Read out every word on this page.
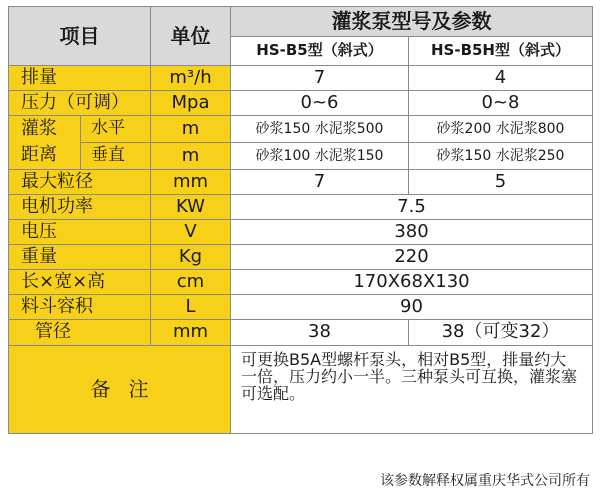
项目		单位	灌浆泵型号及参数	
			HS-B5型（斜式）	HS-B5H型（斜式）
排量		m³/h	7	4
压力（可调）		Mpa	0~6	0~8
灌浆	水平	m	砂浆150 水泥浆500	砂浆200 水泥浆800
距离	垂直	m	砂浆100 水泥浆150	砂浆150 水泥浆250
最大粒径		mm	7	5
电机功率		KW	7.5	
电压		V	380	
重量		Kg	220	
长×宽×高		cm	170X68X130	
料斗容积		L	90	
管径		mm	38	38（可变32）
备注			可更换B5A型螺杆泵头，相对B5型，排量约大一倍，压力约小一半。三种泵头可互换，灌浆塞可选配。	
该参数解释权属重庆华式公司所有
